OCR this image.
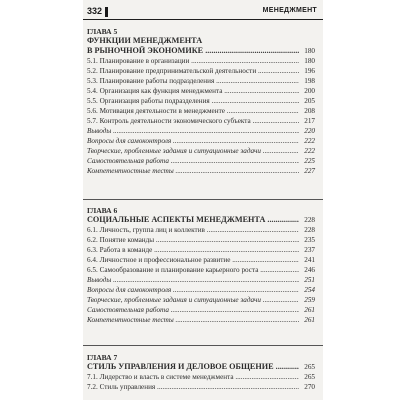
332	МЕНЕДЖМЕНТ
ГЛАВА 5
ФУНКЦИИ МЕНЕДЖМЕНТА
В РЫНОЧНОЙ ЭКОНОМИКЕ .....	180
5.1. Планирование в организации .....	180
5.2. Планирование предпринимательской деятельности .....	196
5.3. Планирование работы подразделения .....	198
5.4. Организация как функция менеджмента .....	200
5.5. Организация работы подразделения .....	205
5.6. Мотивация деятельности в менеджменте .....	208
5.7. Контроль деятельности экономического субъекта .....	217
Выводы .....	220
Вопросы для самоконтроля .....	222
Творческие, проблемные задания и ситуационные задачи .....	222
Самостоятельная работа .....	225
Компетентностные тесты .....	227
ГЛАВА 6
СОЦИАЛЬНЫЕ АСПЕКТЫ МЕНЕДЖМЕНТА .....	228
6.1. Личность, группа лиц и коллектив .....	228
6.2. Понятие команды .....	235
6.3. Работа в команде .....	237
6.4. Личностное и профессиональное развитие .....	241
6.5. Самообразование и планирование карьерного роста .....	246
Выводы .....	251
Вопросы для самоконтроля .....	254
Творческие, проблемные задания и ситуационные задачи .....	259
Самостоятельная работа .....	261
Компетентностные тесты .....	261
ГЛАВА 7
СТИЛЬ УПРАВЛЕНИЯ И ДЕЛОВОЕ ОБЩЕНИЕ .....	265
7.1. Лидерство и власть в системе менеджмента .....	265
7.2. Стиль управления .....	270
